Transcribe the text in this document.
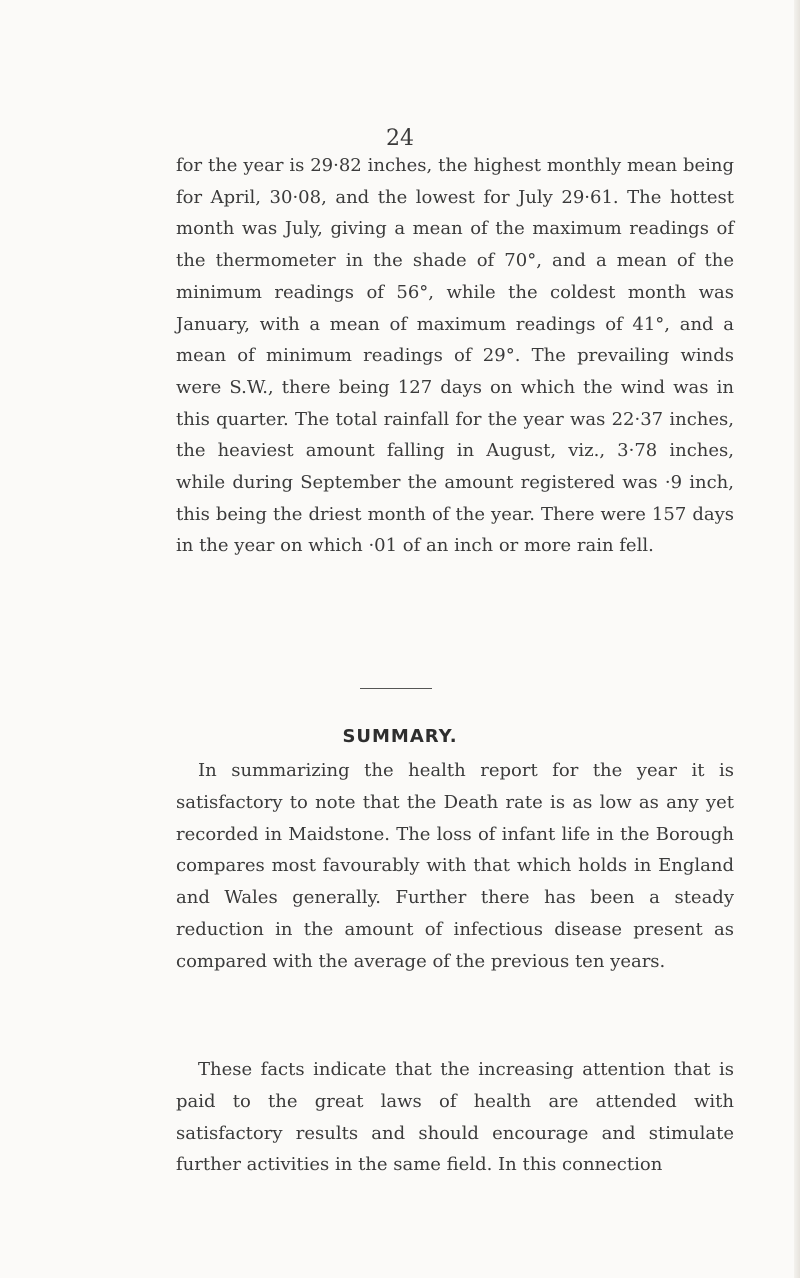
24

for the year is 29·82 inches, the highest monthly mean being for April, 30·08, and the lowest for July 29·61. The hottest month was July, giving a mean of the maximum readings of the thermometer in the shade of 70°, and a mean of the minimum readings of 56°, while the coldest month was January, with a mean of maximum readings of 41°, and a mean of minimum readings of 29°. The prevailing winds were S.W., there being 127 days on which the wind was in this quarter. The total rainfall for the year was 22·37 inches, the heaviest amount falling in August, viz., 3·78 inches, while during September the amount registered was ·9 inch, this being the driest month of the year. There were 157 days in the year on which ·01 of an inch or more rain fell.

SUMMARY.

In summarizing the health report for the year it is satisfactory to note that the Death rate is as low as any yet recorded in Maidstone. The loss of infant life in the Borough compares most favourably with that which holds in England and Wales generally. Further there has been a steady reduction in the amount of infectious disease present as compared with the average of the previous ten years.

These facts indicate that the increasing attention that is paid to the great laws of health are attended with satisfactory results and should encourage and stimulate further activities in the same field. In this connection
